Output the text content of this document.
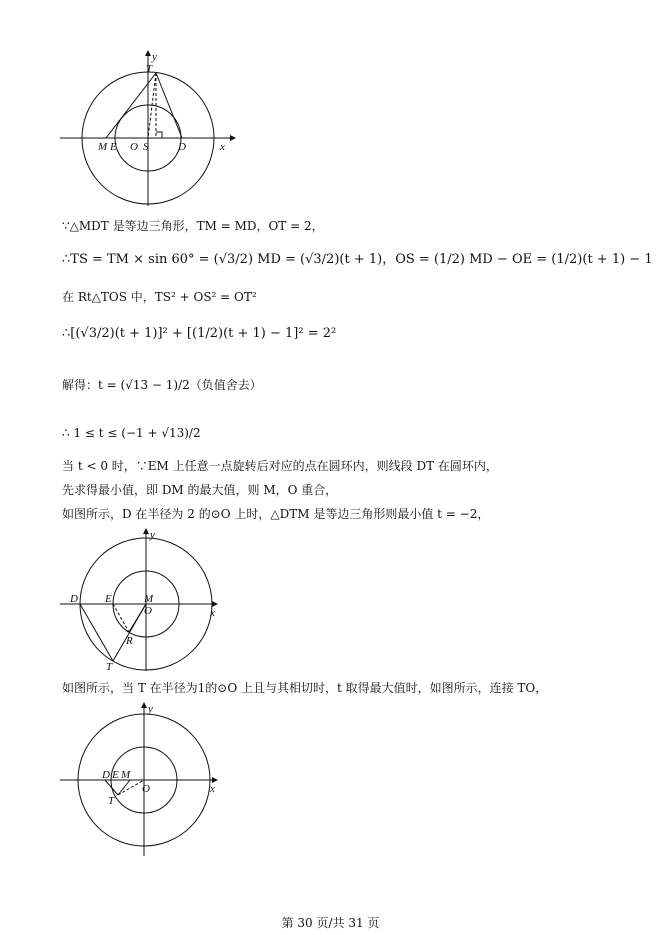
y
x
T
M E O S	D
∵△MDT 是等边三角形，TM = MD，OT = 2，
∴TS = TM × sin 60° = (√3/2) MD = (√3/2)(t + 1)，OS = (1/2) MD − OE = (1/2)(t + 1) − 1
在 Rt△TOS 中，TS² + OS² = OT²
∴[(√3/2)(t + 1)]² + [(1/2)(t + 1) − 1]² = 2²
解得：t = (√13 − 1)/2（负值舍去）
∴ 1 ≤ t ≤ (−1 + √13)/2
当 t < 0 时，∵EM 上任意一点旋转后对应的点在圆环内，则线段 DT 在圆环内，
先求得最小值，即 DM 的最大值，则 M，O 重合，
如图所示，D 在半径为 2 的⊙O 上时，△DTM 是等边三角形则最小值 t = −2，
y
x
D E	M
O
R
T
如图所示，当 T 在半径为1的⊙O 上且与其相切时，t 取得最大值时，如图所示，连接 TO，
y
x
D E M
O
T
第 30 页/共 31 页
